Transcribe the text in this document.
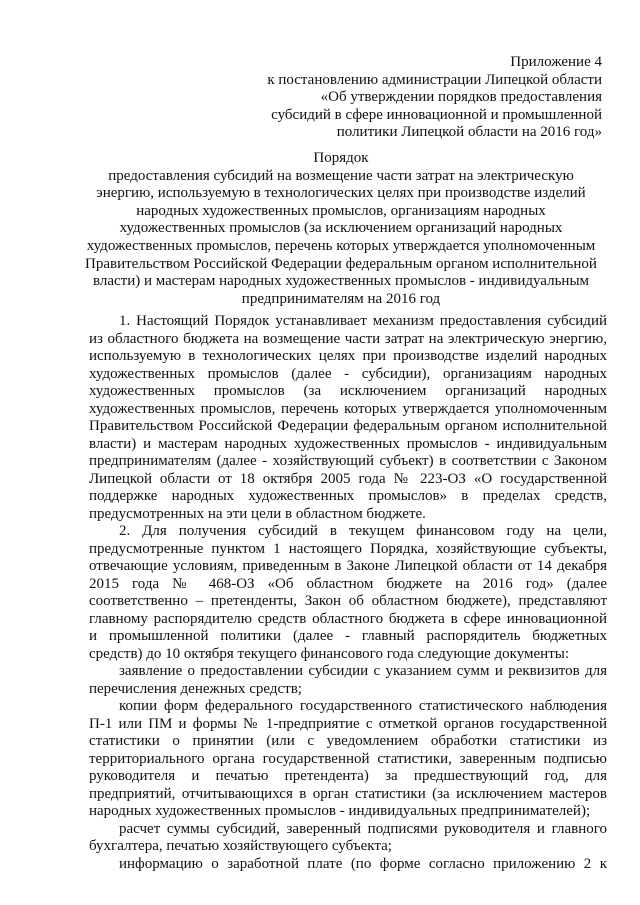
Приложение 4
к постановлению администрации Липецкой области
«Об утверждении порядков предоставления
субсидий в сфере инновационной и промышленной
политики Липецкой области на 2016 год»
Порядок
предоставления субсидий на возмещение части затрат на электрическую
энергию, используемую в технологических целях при производстве изделий
народных художественных промыслов, организациям народных
художественных промыслов (за исключением организаций народных
художественных промыслов, перечень которых утверждается уполномоченным
Правительством Российской Федерации федеральным органом исполнительной
власти) и мастерам народных художественных промыслов - индивидуальным
предпринимателям на 2016 год
1. Настоящий Порядок устанавливает механизм предоставления субсидий
из областного бюджета на возмещение части затрат на электрическую энергию,
используемую в технологических целях при производстве изделий народных
художественных промыслов (далее - субсидии), организациям народных
художественных промыслов (за исключением организаций народных
художественных промыслов, перечень которых утверждается уполномоченным
Правительством Российской Федерации федеральным органом исполнительной
власти) и мастерам народных художественных промыслов - индивидуальным
предпринимателям (далее - хозяйствующий субъект) в соответствии с Законом
Липецкой области от 18 октября 2005 года № 223-ОЗ «О государственной
поддержке народных художественных промыслов» в пределах средств,
предусмотренных на эти цели в областном бюджете.
2. Для получения субсидий в текущем финансовом году на цели,
предусмотренные пунктом 1 настоящего Порядка, хозяйствующие субъекты,
отвечающие условиям, приведенным в Законе Липецкой области от 14 декабря
2015 года № 468-ОЗ «Об областном бюджете на 2016 год» (далее
соответственно – претенденты, Закон об областном бюджете), представляют
главному распорядителю средств областного бюджета в сфере инновационной
и промышленной политики (далее - главный распорядитель бюджетных
средств) до 10 октября текущего финансового года следующие документы:
заявление о предоставлении субсидии с указанием сумм и реквизитов для
перечисления денежных средств;
копии форм федерального государственного статистического наблюдения
П-1 или ПМ и формы № 1-предприятие с отметкой органов государственной
статистики о принятии (или с уведомлением обработки статистики из
территориального органа государственной статистики, заверенным подписью
руководителя и печатью претендента) за предшествующий год, для
предприятий, отчитывающихся в орган статистики (за исключением мастеров
народных художественных промыслов - индивидуальных предпринимателей);
расчет суммы субсидий, заверенный подписями руководителя и главного
бухгалтера, печатью хозяйствующего субъекта;
информацию о заработной плате (по форме согласно приложению 2 к
